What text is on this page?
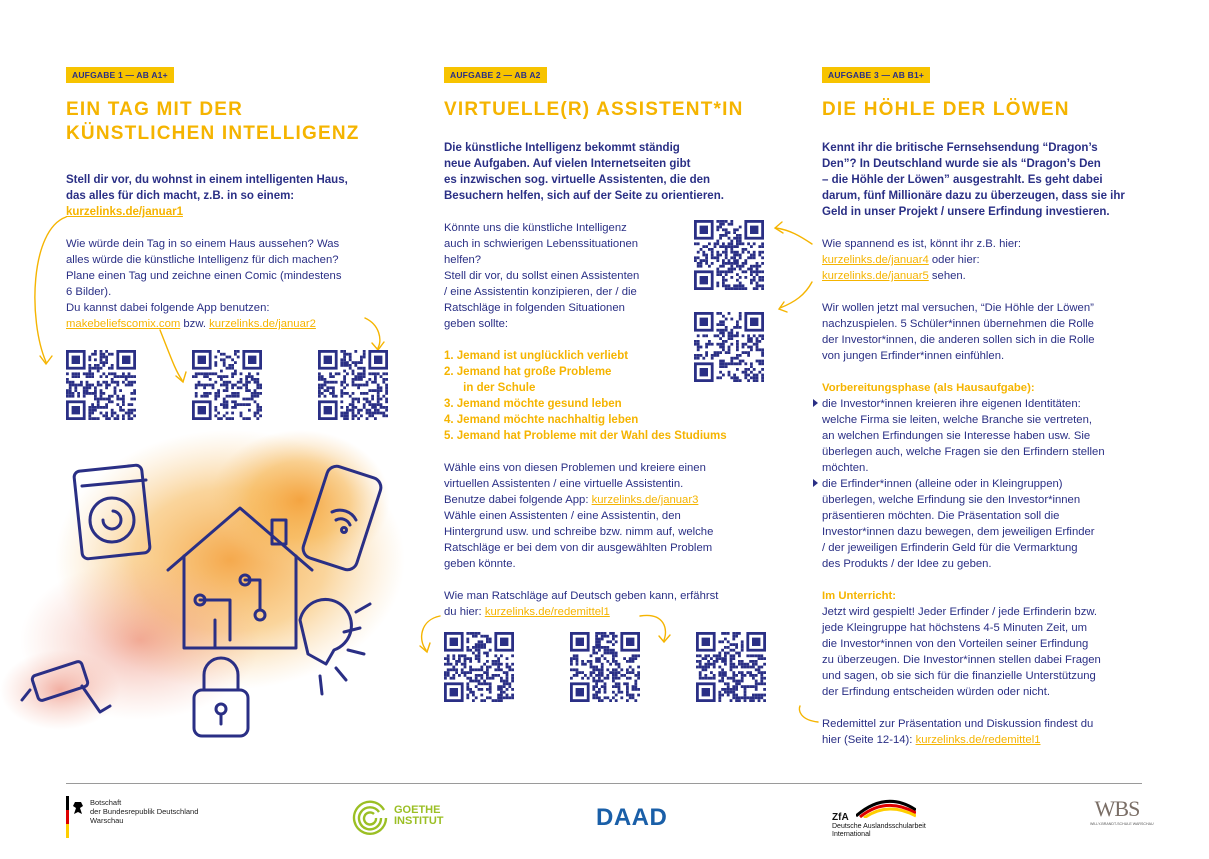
AUFGABE 1 — AB A1+
EIN TAG MIT DER
KÜNSTLICHEN INTELLIGENZ

Stell dir vor, du wohnst in einem intelligenten Haus,
das alles für dich macht, z.B. in so einem:
kurzelinks.de/januar1

Wie würde dein Tag in so einem Haus aussehen? Was
alles würde die künstliche Intelligenz für dich machen?
Plane einen Tag und zeichne einen Comic (mindestens
6 Bilder).
Du kannst dabei folgende App benutzen:
makebeliefscomix.com bzw. kurzelinks.de/januar2

AUFGABE 2 — AB A2
VIRTUELLE(R) ASSISTENT*IN

Die künstliche Intelligenz bekommt ständig
neue Aufgaben. Auf vielen Internetseiten gibt
es inzwischen sog. virtuelle Assistenten, die den
Besuchern helfen, sich auf der Seite zu orientieren.

Könnte uns die künstliche Intelligenz
auch in schwierigen Lebenssituationen
helfen?
Stell dir vor, du sollst einen Assistenten
/ eine Assistentin konzipieren, der / die
Ratschläge in folgenden Situationen
geben sollte:

1. Jemand ist unglücklich verliebt
2. Jemand hat große Probleme
in der Schule
3. Jemand möchte gesund leben
4. Jemand möchte nachhaltig leben
5. Jemand hat Probleme mit der Wahl des Studiums

Wähle eins von diesen Problemen und kreiere einen
virtuellen Assistenten / eine virtuelle Assistentin.
Benutze dabei folgende App: kurzelinks.de/januar3
Wähle einen Assistenten / eine Assistentin, den
Hintergrund usw. und schreibe bzw. nimm auf, welche
Ratschläge er bei dem von dir ausgewählten Problem
geben könnte.

Wie man Ratschläge auf Deutsch geben kann, erfährst
du hier: kurzelinks.de/redemittel1

AUFGABE 3 — AB B1+
DIE HÖHLE DER LÖWEN

Kennt ihr die britische Fernsehsendung “Dragon’s
Den”? In Deutschland wurde sie als “Dragon’s Den
– die Höhle der Löwen” ausgestrahlt. Es geht dabei
darum, fünf Millionäre dazu zu überzeugen, dass sie ihr
Geld in unser Projekt / unsere Erfindung investieren.

Wie spannend es ist, könnt ihr z.B. hier:
kurzelinks.de/januar4 oder hier:
kurzelinks.de/januar5 sehen.

Wir wollen jetzt mal versuchen, “Die Höhle der Löwen”
nachzuspielen. 5 Schüler*innen übernehmen die Rolle
der Investor*innen, die anderen sollen sich in die Rolle
von jungen Erfinder*innen einfühlen.

Vorbereitungsphase (als Hausaufgabe):
die Investor*innen kreieren ihre eigenen Identitäten:
welche Firma sie leiten, welche Branche sie vertreten,
an welchen Erfindungen sie Interesse haben usw. Sie
überlegen auch, welche Fragen sie den Erfindern stellen
möchten.
die Erfinder*innen (alleine oder in Kleingruppen)
überlegen, welche Erfindung sie den Investor*innen
präsentieren möchten. Die Präsentation soll die
Investor*innen dazu bewegen, dem jeweiligen Erfinder
/ der jeweiligen Erfinderin Geld für die Vermarktung
des Produkts / der Idee zu geben.

Im Unterricht:
Jetzt wird gespielt! Jeder Erfinder / jede Erfinderin bzw.
jede Kleingruppe hat höchstens 4-5 Minuten Zeit, um
die Investor*innen von den Vorteilen seiner Erfindung
zu überzeugen. Die Investor*innen stellen dabei Fragen
und sagen, ob sie sich für die finanzielle Unterstützung
der Erfindung entscheiden würden oder nicht.

Redemittel zur Präsentation und Diskussion findest du
hier (Seite 12-14): kurzelinks.de/redemittel1

Botschaft
der Bundesrepublik Deutschland
Warschau
GOETHE
INSTITUT	DAAD	ZfA
Deutsche Auslandsschularbeit
International
WBS
WILLY-BRANDT-SCHULE WARSCHAU
